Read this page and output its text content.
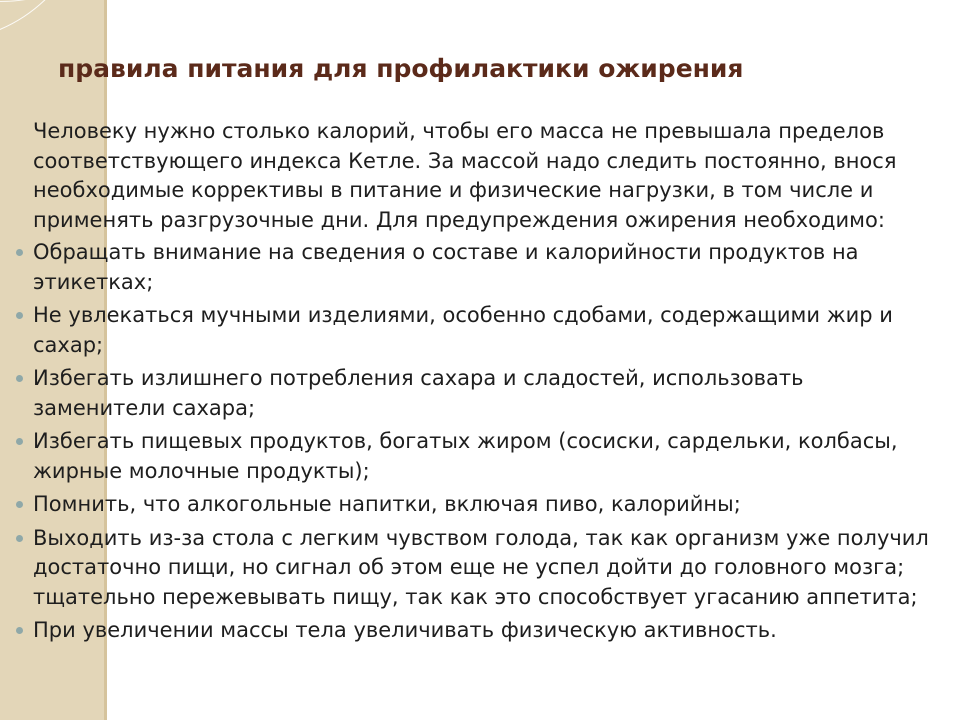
правила питания для профилактики ожирения

Человеку нужно столько калорий, чтобы его масса не превышала пределов соответствующего индекса Кетле. За массой надо следить постоянно, внося необходимые коррективы в питание и физические нагрузки, в том числе и применять разгрузочные дни. Для предупреждения ожирения необходимо:

Обращать внимание на сведения о составе и калорийности продуктов на этикетках;
Не увлекаться мучными изделиями, особенно сдобами, содержащими жир и сахар;
Избегать излишнего потребления сахара и сладостей, использовать заменители сахара;
Избегать пищевых продуктов, богатых жиром (сосиски, сардельки, колбасы, жирные молочные продукты);
Помнить, что алкогольные напитки, включая пиво, калорийны;
Выходить из-за стола с легким чувством голода, так как организм уже получил достаточно пищи, но сигнал об этом еще не успел дойти до головного мозга; тщательно пережевывать пищу, так как это способствует угасанию аппетита;
При увеличении массы тела увеличивать физическую активность.
